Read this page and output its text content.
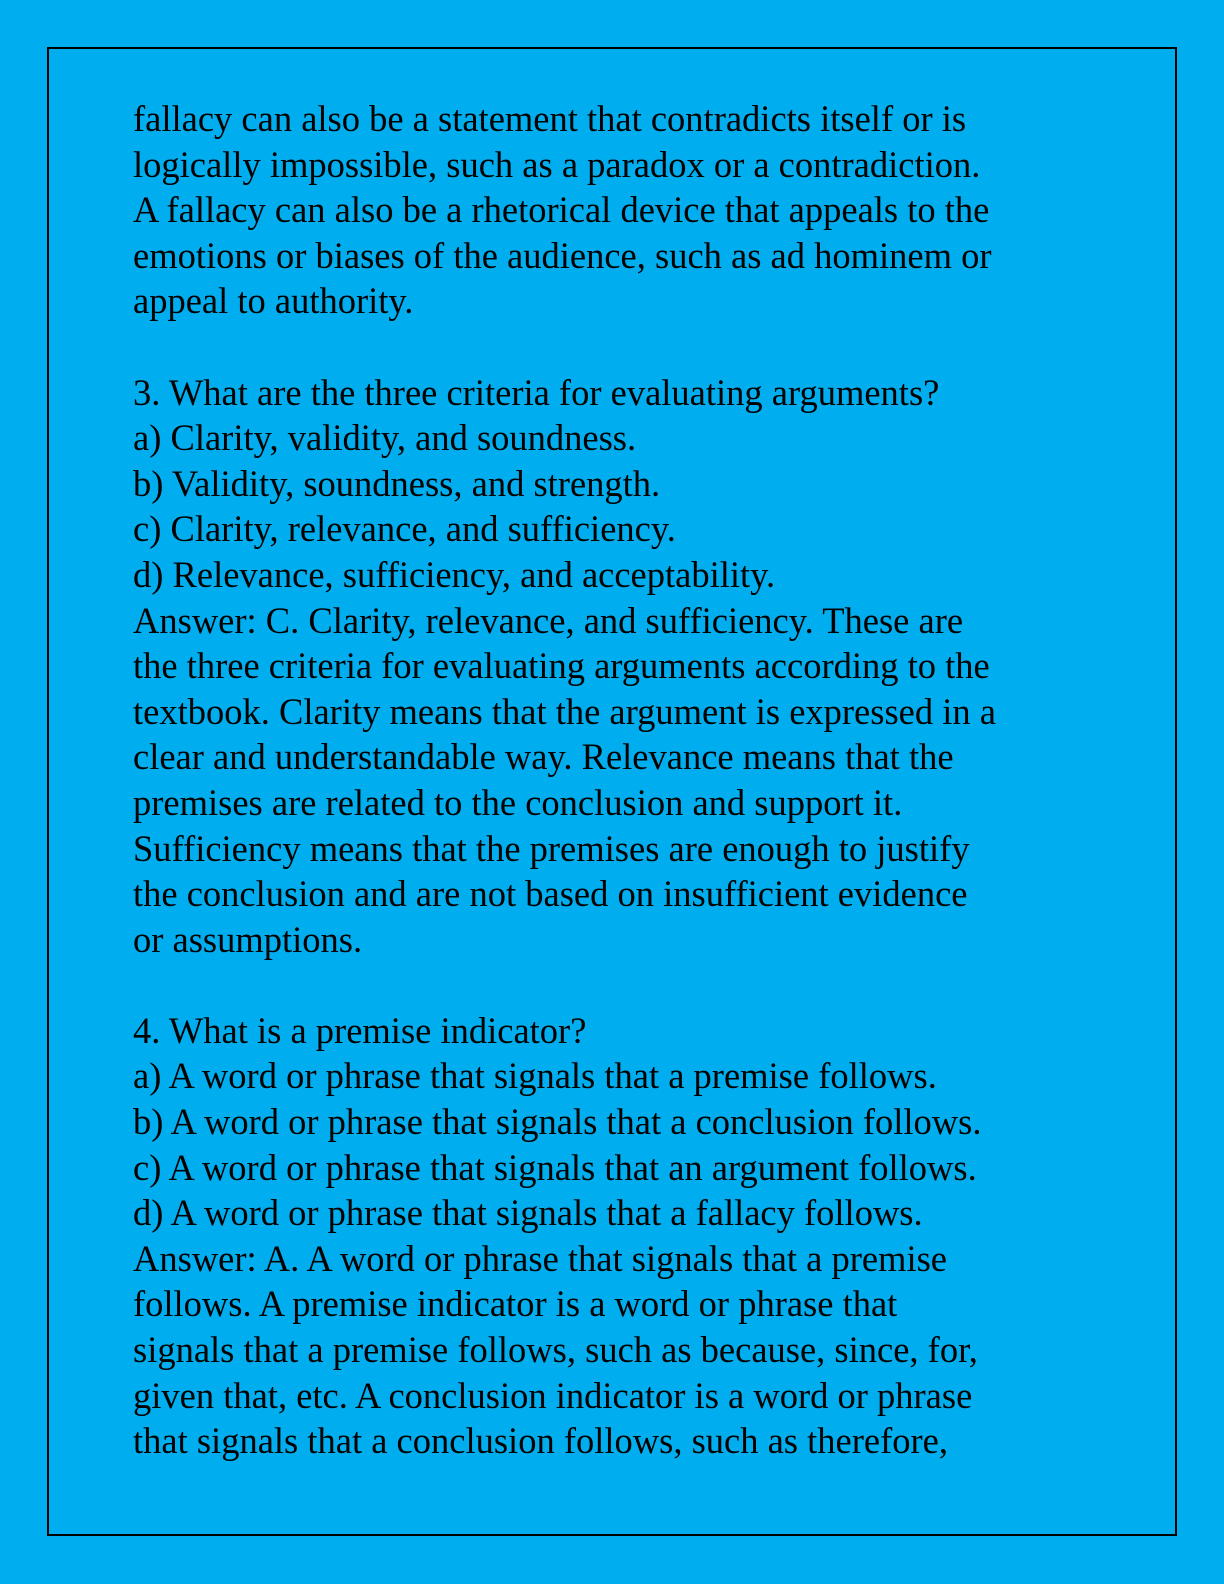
fallacy can also be a statement that contradicts itself or is
logically impossible, such as a paradox or a contradiction.
A fallacy can also be a rhetorical device that appeals to the
emotions or biases of the audience, such as ad hominem or
appeal to authority.
3. What are the three criteria for evaluating arguments?
a) Clarity, validity, and soundness.
b) Validity, soundness, and strength.
c) Clarity, relevance, and sufficiency.
d) Relevance, sufficiency, and acceptability.
Answer: C. Clarity, relevance, and sufficiency. These are
the three criteria for evaluating arguments according to the
textbook. Clarity means that the argument is expressed in a
clear and understandable way. Relevance means that the
premises are related to the conclusion and support it.
Sufficiency means that the premises are enough to justify
the conclusion and are not based on insufficient evidence
or assumptions.
4. What is a premise indicator?
a) A word or phrase that signals that a premise follows.
b) A word or phrase that signals that a conclusion follows.
c) A word or phrase that signals that an argument follows.
d) A word or phrase that signals that a fallacy follows.
Answer: A. A word or phrase that signals that a premise
follows. A premise indicator is a word or phrase that
signals that a premise follows, such as because, since, for,
given that, etc. A conclusion indicator is a word or phrase
that signals that a conclusion follows, such as therefore,
